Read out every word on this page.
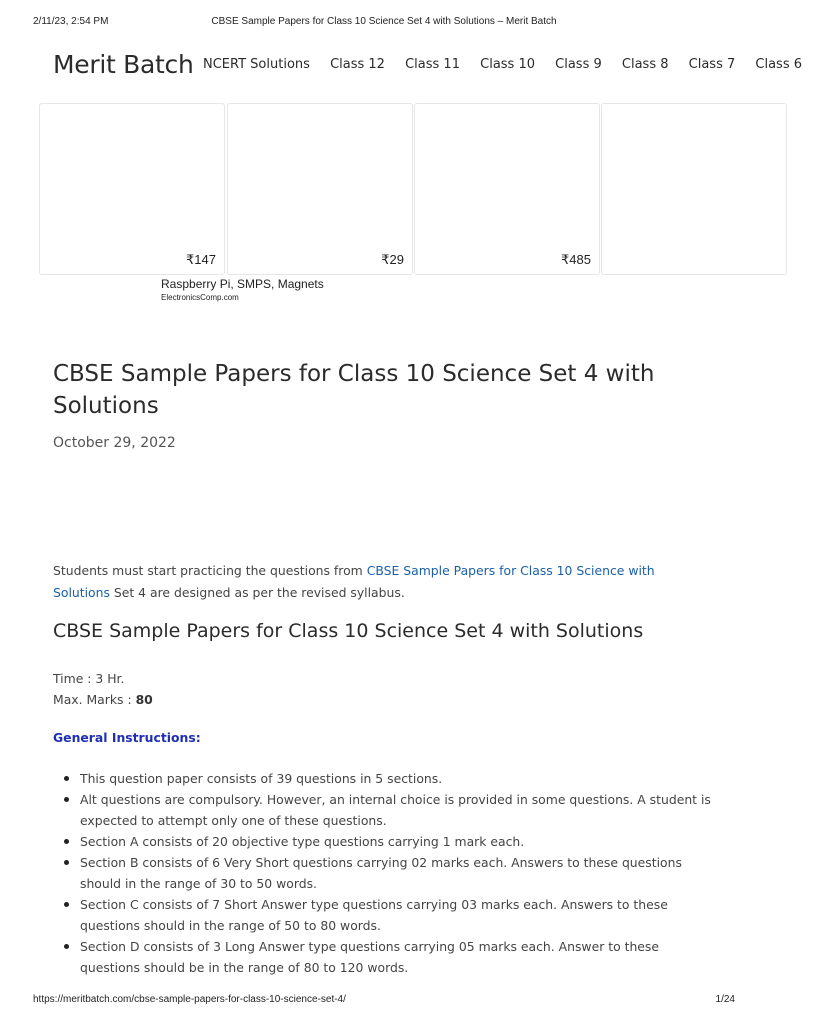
2/11/23, 2:54 PM	CBSE Sample Papers for Class 10 Science Set 4 with Solutions – Merit Batch
Merit Batch NCERT Solutions Class 12 Class 11 Class 10 Class 9 Class 8 Class 7 Class 6
₹147	₹29	₹485
Raspberry Pi, SMPS, Magnets
ElectronicsComp.com
CBSE Sample Papers for Class 10 Science Set 4 with Solutions
October 29, 2022

Students must start practicing the questions from CBSE Sample Papers for Class 10 Science with Solutions Set 4 are designed as per the revised syllabus.

CBSE Sample Papers for Class 10 Science Set 4 with Solutions
Time : 3 Hr.
Max. Marks : 80
General Instructions:
This question paper consists of 39 questions in 5 sections.
Alt questions are compulsory. However, an internal choice is provided in some questions. A student is expected to attempt only one of these questions.
Section A consists of 20 objective type questions carrying 1 mark each.
Section B consists of 6 Very Short questions carrying 02 marks each. Answers to these questions should in the range of 30 to 50 words.
Section C consists of 7 Short Answer type questions carrying 03 marks each. Answers to these questions should in the range of 50 to 80 words.
Section D consists of 3 Long Answer type questions carrying 05 marks each. Answer to these questions should be in the range of 80 to 120 words.
https://meritbatch.com/cbse-sample-papers-for-class-10-science-set-4/	1/24
